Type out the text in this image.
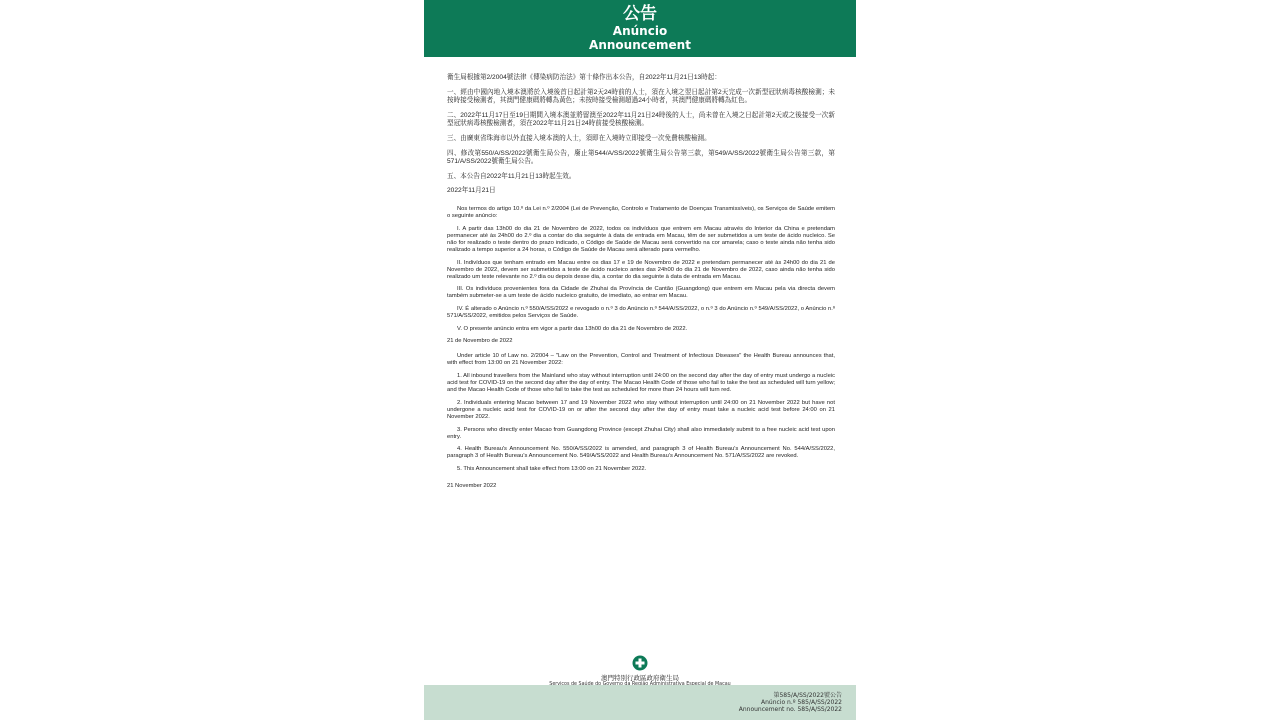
公告
Anúncio
Announcement

衛生局根據第2/2004號法律《傳染病防治法》第十條作出本公告，自2022年11月21日13時起：

一、經由中國內地入境本澳將於入境後首日起計第2天24時前的人士，須在入境之翌日起計第2天完成一次新型冠狀病毒核酸檢測；未按時接受檢測者，其澳門健康碼將轉為黃色；未按時接受檢測超過24小時者，其澳門健康碼將轉為紅色。

二、2022年11月17日至19日期間入境本澳並將留澳至2022年11月21日24時後的人士，尚未曾在入境之日起計第2天或之後接受一次新型冠狀病毒核酸檢測者，須在2022年11月21日24時前接受核酸檢測。

三、由廣東省珠海市以外直接入境本澳的人士，須即在入境時立即接受一次免費核酸檢測。

四、修改第550/A/SS/2022號衛生局公告，廢止第544/A/SS/2022號衛生局公告第三款，第549/A/SS/2022號衛生局公告第三款，第571/A/SS/2022號衛生局公告。

五、本公告自2022年11月21日13時起生效。

2022年11月21日

Nos termos do artigo 10.º da Lei n.º 2/2004 (Lei de Prevenção, Controlo e Tratamento de Doenças Transmissíveis), os Serviços de Saúde emitem o seguinte anúncio:

I. A partir das 13h00 do dia 21 de Novembro de 2022, todos os indivíduos que entrem em Macau através do Interior da China e pretendam permanecer até às 24h00 do 2.º dia a contar do dia seguinte à data de entrada em Macau, têm de ser submetidos a um teste de ácido nucleico. Se não for realizado o teste dentro do prazo indicado, o Código de Saúde de Macau será convertido na cor amarela; caso o teste ainda não tenha sido realizado a tempo superior a 24 horas, o Código de Saúde de Macau será alterado para vermelho.

II. Indivíduos que tenham entrado em Macau entre os dias 17 e 19 de Novembro de 2022 e pretendam permanecer até às 24h00 do dia 21 de Novembro de 2022, devem ser submetidos a teste de ácido nucleico antes das 24h00 do dia 21 de Novembro de 2022, caso ainda não tenha sido realizado um teste relevante no 2.º dia ou depois desse dia, a contar do dia seguinte à data de entrada em Macau.

III. Os indivíduos provenientes fora da Cidade de Zhuhai da Província de Cantão (Guangdong) que entrem em Macau pela via directa devem também submeter-se a um teste de ácido nucleico gratuito, de imediato, ao entrar em Macau.

IV. É alterado o Anúncio n.º 550/A/SS/2022 e revogado o n.º 3 do Anúncio n.º 544/A/SS/2022, o n.º 3 do Anúncio n.º 549/A/SS/2022, o Anúncio n.º 571/A/SS/2022, emitidos pelos Serviços de Saúde.

V. O presente anúncio entra em vigor a partir das 13h00 do dia 21 de Novembro de 2022.

21 de Novembro de 2022

Under article 10 of Law no. 2/2004 – "Law on the Prevention, Control and Treatment of Infectious Diseases" the Health Bureau announces that, with effect from 13:00 on 21 November 2022:

1. All inbound travellers from the Mainland who stay without interruption until 24:00 on the second day after the day of entry must undergo a nucleic acid test for COVID-19 on the second day after the day of entry. The Macao Health Code of those who fail to take the test as scheduled will turn yellow; and the Macao Health Code of those who fail to take the test as scheduled for more than 24 hours will turn red.

2. Individuals entering Macao between 17 and 19 November 2022 who stay without interruption until 24:00 on 21 November 2022 but have not undergone a nucleic acid test for COVID-19 on or after the second day after the day of entry must take a nucleic acid test before 24:00 on 21 November 2022.

3. Persons who directly enter Macao from Guangdong Province (except Zhuhai City) shall also immediately submit to a free nucleic acid test upon entry.

4. Health Bureau's Announcement No. 550/A/SS/2022 is amended, and paragraph 3 of Health Bureau's Announcement No. 544/A/SS/2022, paragraph 3 of Health Bureau's Announcement No. 549/A/SS/2022 and Health Bureau's Announcement No. 571/A/SS/2022 are revoked.

5. This Announcement shall take effect from 13:00 on 21 November 2022.

21 November 2022

澳門特別行政區政府衛生局
第585/A/SS/2022號公告
Anúncio n.º 585/A/SS/2022
Announcement no. 585/A/SS/2022
